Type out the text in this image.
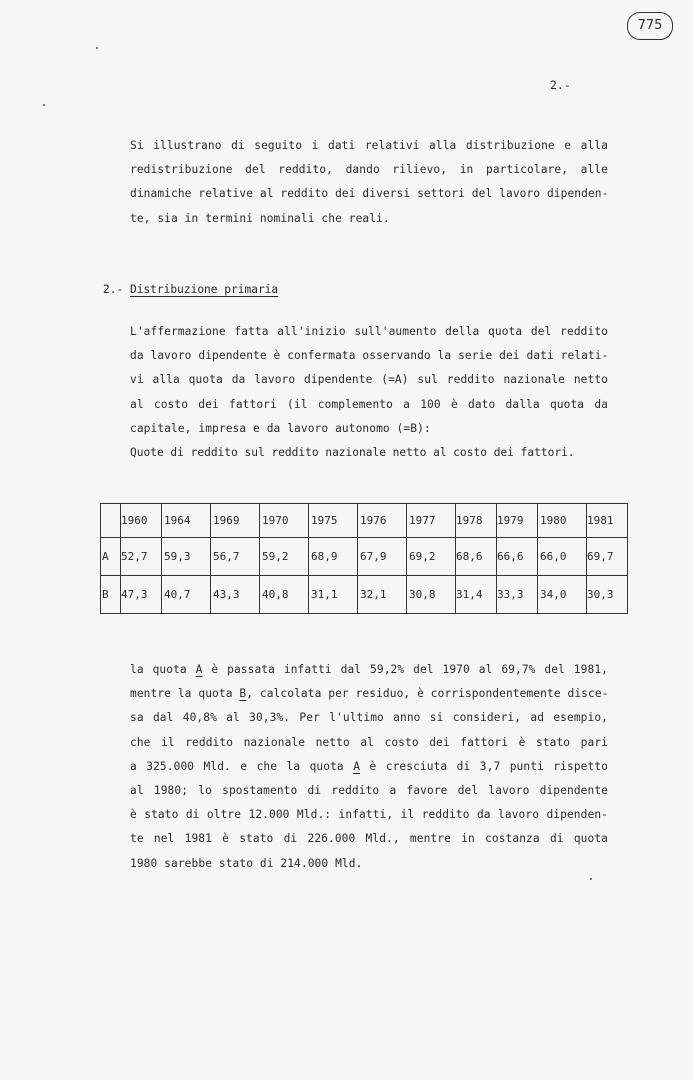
775
2.-
Si illustrano di seguito i dati relativi alla distribuzione e alla
redistribuzione del reddito, dando rilievo, in particolare, alle
dinamiche relative al reddito dei diversi settori del lavoro dipenden-
te, sia in termini nominali che reali.
2.- Distribuzione primaria
L'affermazione fatta all'inizio sull'aumento della quota del reddito
da lavoro dipendente è confermata osservando la serie dei dati relati-
vi alla quota da lavoro dipendente (=A) sul reddito nazionale netto
al costo dei fattori (il complemento a 100 è dato dalla quota da
capitale, impresa e da lavoro autonomo (=B):
Quote di reddito sul reddito nazionale netto al costo dei fattori.
	1960	1964	1969	1970	1975	1976	1977	1978	1979	1980	1981
A	52,7	59,3	56,7	59,2	68,9	67,9	69,2	68,6	66,6	66,0	69,7
B	47,3	40,7	43,3	40,8	31,1	32,1	30,8	31,4	33,3	34,0	30,3
la quota A è passata infatti dal 59,2% del 1970 al 69,7% del 1981,
mentre la quota B, calcolata per residuo, è corrispondentemente disce-
sa dal 40,8% al 30,3%. Per l'ultimo anno si consideri, ad esempio,
che il reddito nazionale netto al costo dei fattori è stato pari
a 325.000 Mld. e che la quota A è cresciuta di 3,7 punti rispetto
al 1980; lo spostamento di reddito a favore del lavoro dipendente
è stato di oltre 12.000 Mld.: infatti, il reddito da lavoro dipenden-
te nel 1981 è stato di 226.000 Mld., mentre in costanza di quota
1980 sarebbe stato di 214.000 Mld.
